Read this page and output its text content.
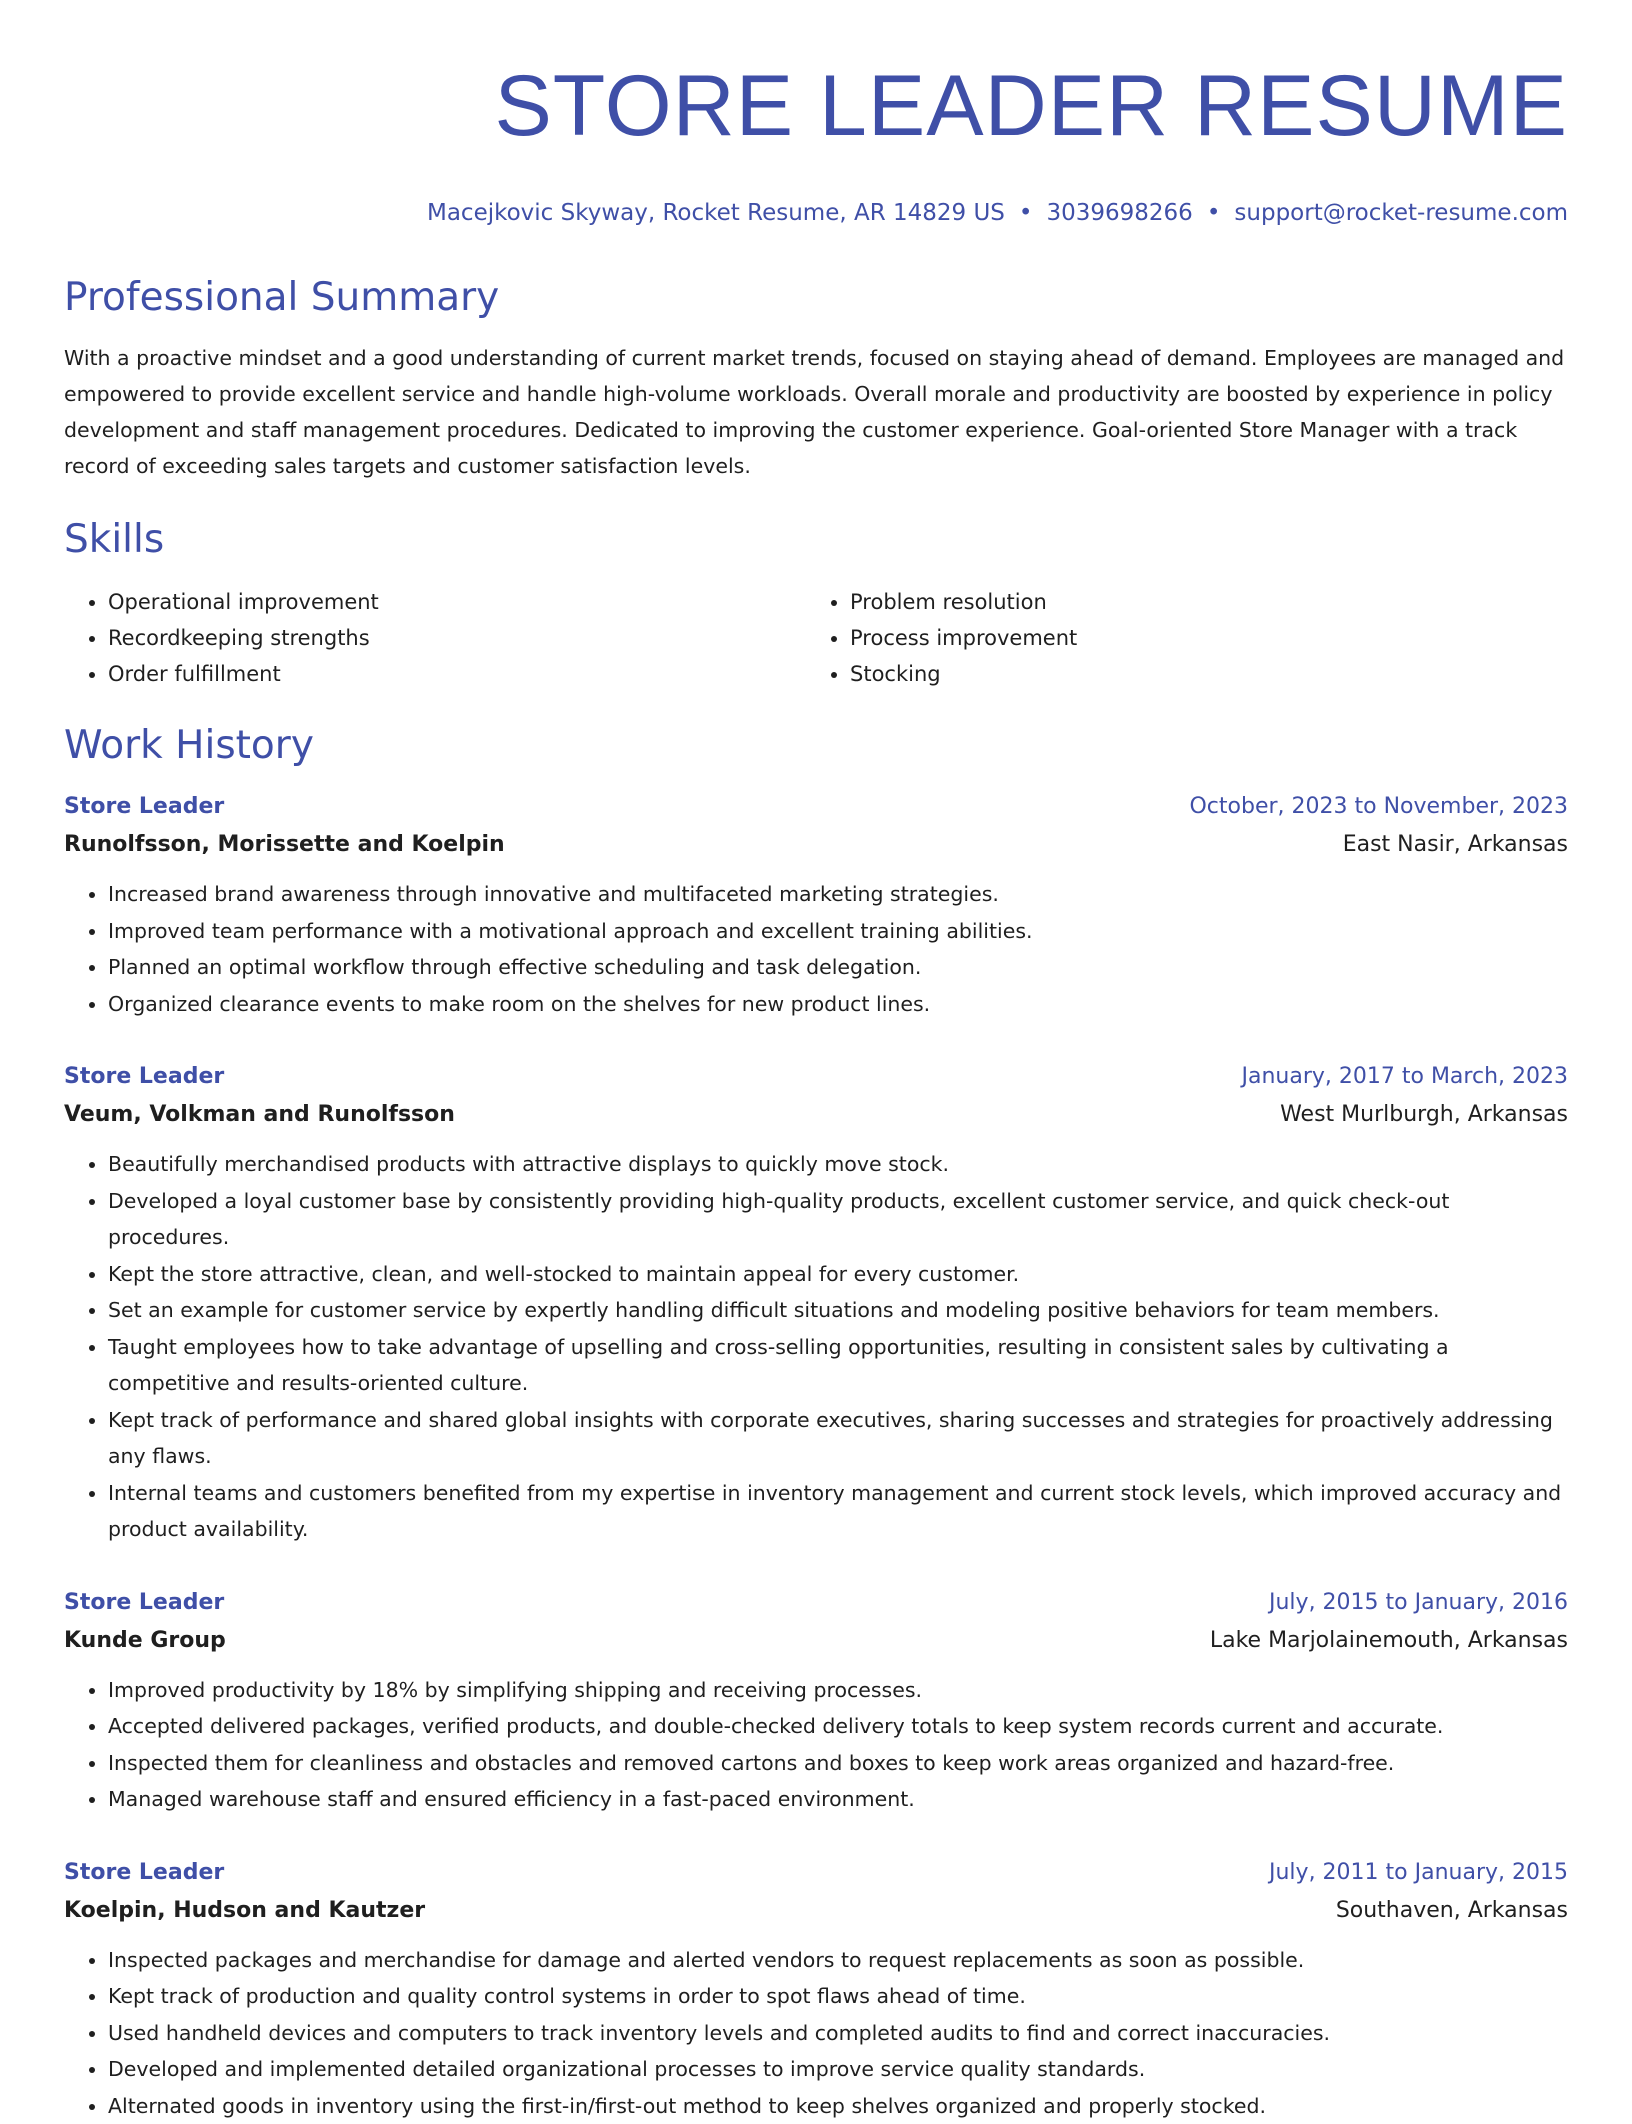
STORE LEADER RESUME
Macejkovic Skyway, Rocket Resume, AR 14829 US • 3039698266 • support@rocket-resume.com
Professional Summary
With a proactive mindset and a good understanding of current market trends, focused on staying ahead of demand. Employees are managed and empowered to provide excellent service and handle high-volume workloads. Overall morale and productivity are boosted by experience in policy development and staff management procedures. Dedicated to improving the customer experience. Goal-oriented Store Manager with a track record of exceeding sales targets and customer satisfaction levels.
Skills
• Operational improvement
• Recordkeeping strengths
• Order fulfillment
• Problem resolution
• Process improvement
• Stocking
Work History
Store Leader	October, 2023 to November, 2023
Runolfsson, Morissette and Koelpin	East Nasir, Arkansas
• Increased brand awareness through innovative and multifaceted marketing strategies.
• Improved team performance with a motivational approach and excellent training abilities.
• Planned an optimal workflow through effective scheduling and task delegation.
• Organized clearance events to make room on the shelves for new product lines.
Store Leader	January, 2017 to March, 2023
Veum, Volkman and Runolfsson	West Murlburgh, Arkansas
• Beautifully merchandised products with attractive displays to quickly move stock.
• Developed a loyal customer base by consistently providing high-quality products, excellent customer service, and quick check-out procedures.
• Kept the store attractive, clean, and well-stocked to maintain appeal for every customer.
• Set an example for customer service by expertly handling difficult situations and modeling positive behaviors for team members.
• Taught employees how to take advantage of upselling and cross-selling opportunities, resulting in consistent sales by cultivating a competitive and results-oriented culture.
• Kept track of performance and shared global insights with corporate executives, sharing successes and strategies for proactively addressing any flaws.
• Internal teams and customers benefited from my expertise in inventory management and current stock levels, which improved accuracy and product availability.
Store Leader	July, 2015 to January, 2016
Kunde Group	Lake Marjolainemouth, Arkansas
• Improved productivity by 18% by simplifying shipping and receiving processes.
• Accepted delivered packages, verified products, and double-checked delivery totals to keep system records current and accurate.
• Inspected them for cleanliness and obstacles and removed cartons and boxes to keep work areas organized and hazard-free.
• Managed warehouse staff and ensured efficiency in a fast-paced environment.
Store Leader	July, 2011 to January, 2015
Koelpin, Hudson and Kautzer	Southaven, Arkansas
• Inspected packages and merchandise for damage and alerted vendors to request replacements as soon as possible.
• Kept track of production and quality control systems in order to spot flaws ahead of time.
• Used handheld devices and computers to track inventory levels and completed audits to find and correct inaccuracies.
• Developed and implemented detailed organizational processes to improve service quality standards.
• Alternated goods in inventory using the first-in/first-out method to keep shelves organized and properly stocked.
